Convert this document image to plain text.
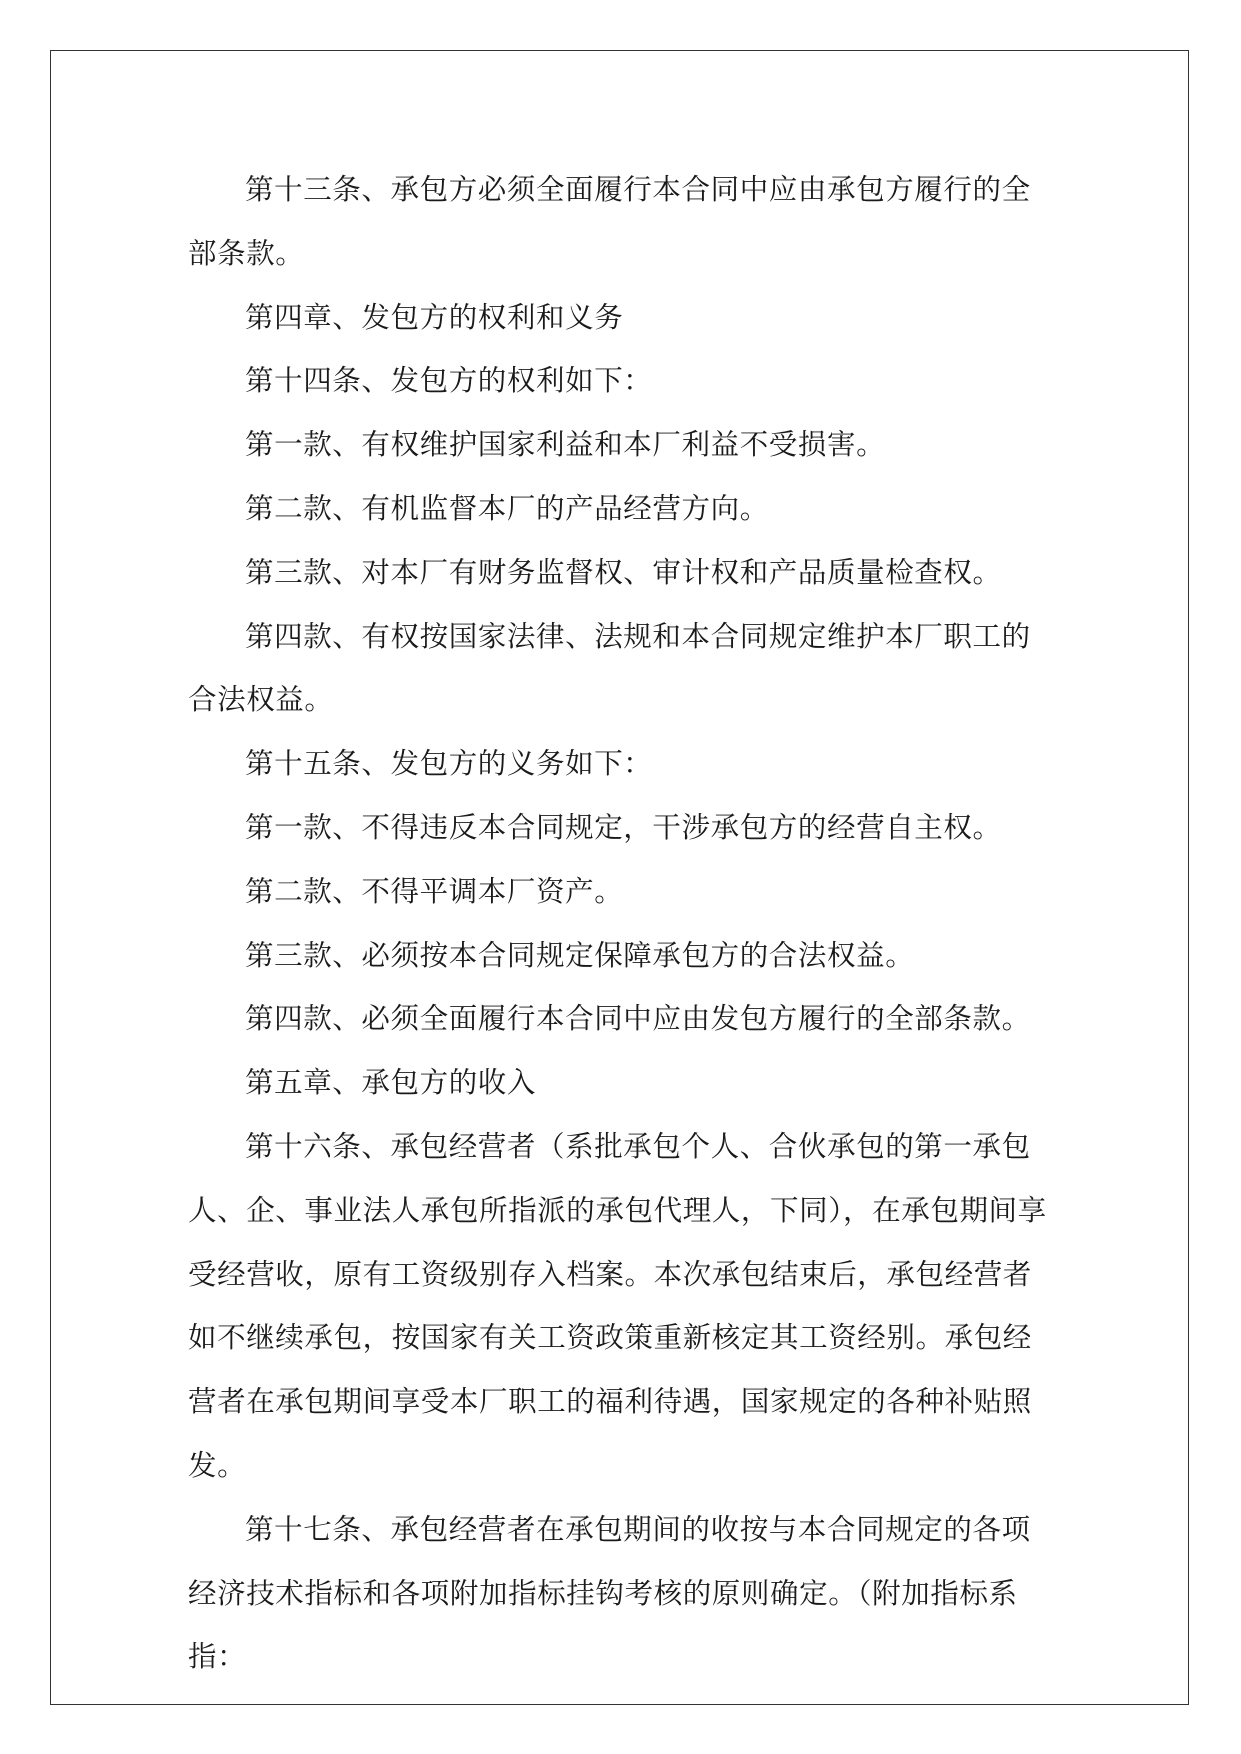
第十三条、承包方必须全面履行本合同中应由承包方履行的全部条款。

第四章、发包方的权利和义务

第十四条、发包方的权利如下：

第一款、有权维护国家利益和本厂利益不受损害。

第二款、有机监督本厂的产品经营方向。

第三款、对本厂有财务监督权、审计权和产品质量检查权。

第四款、有权按国家法律、法规和本合同规定维护本厂职工的合法权益。

第十五条、发包方的义务如下：

第一款、不得违反本合同规定，干涉承包方的经营自主权。

第二款、不得平调本厂资产。

第三款、必须按本合同规定保障承包方的合法权益。

第四款、必须全面履行本合同中应由发包方履行的全部条款。

第五章、承包方的收入

第十六条、承包经营者（系批承包个人、合伙承包的第一承包人、企、事业法人承包所指派的承包代理人，下同），在承包期间享受经营收，原有工资级别存入档案。本次承包结束后，承包经营者如不继续承包，按国家有关工资政策重新核定其工资经别。承包经营者在承包期间享受本厂职工的福利待遇，国家规定的各种补贴照发。

第十七条、承包经营者在承包期间的收按与本合同规定的各项经济技术指标和各项附加指标挂钩考核的原则确定。（附加指标系指：
